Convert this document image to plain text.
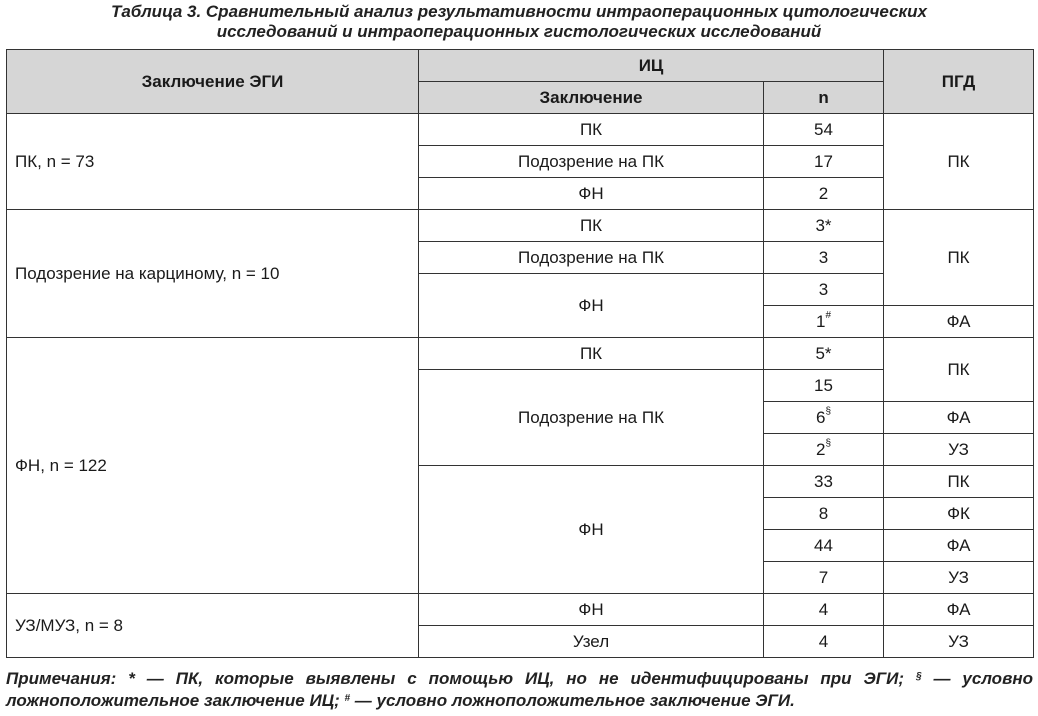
Таблица 3. Сравнительный анализ результативности интраоперационных цитологических
исследований и интраоперационных гистологических исследований
Заключение ЭГИ	ИЦ		ПГД
	Заключение	n	
ПК, n = 73	ПК	54	ПК
	Подозрение на ПК	17	
	ФН	2	
Подозрение на карциному, n = 10	ПК	3*	ПК
	Подозрение на ПК	3	
	ФН	3	
		1#	ФА
ФН, n = 122	ПК	5*	ПК
	Подозрение на ПК	15	
		6§	ФА
		2§	УЗ
	ФН	33	ПК
		8	ФК
		44	ФА
		7	УЗ
УЗ/МУЗ, n = 8	ФН	4	ФА
	Узел	4	УЗ
Примечания: * — ПК, которые выявлены с помощью ИЦ, но не идентифицированы при ЭГИ; § — условно ложноположительное заключение ИЦ; # — условно ложноположительное заключение ЭГИ.
